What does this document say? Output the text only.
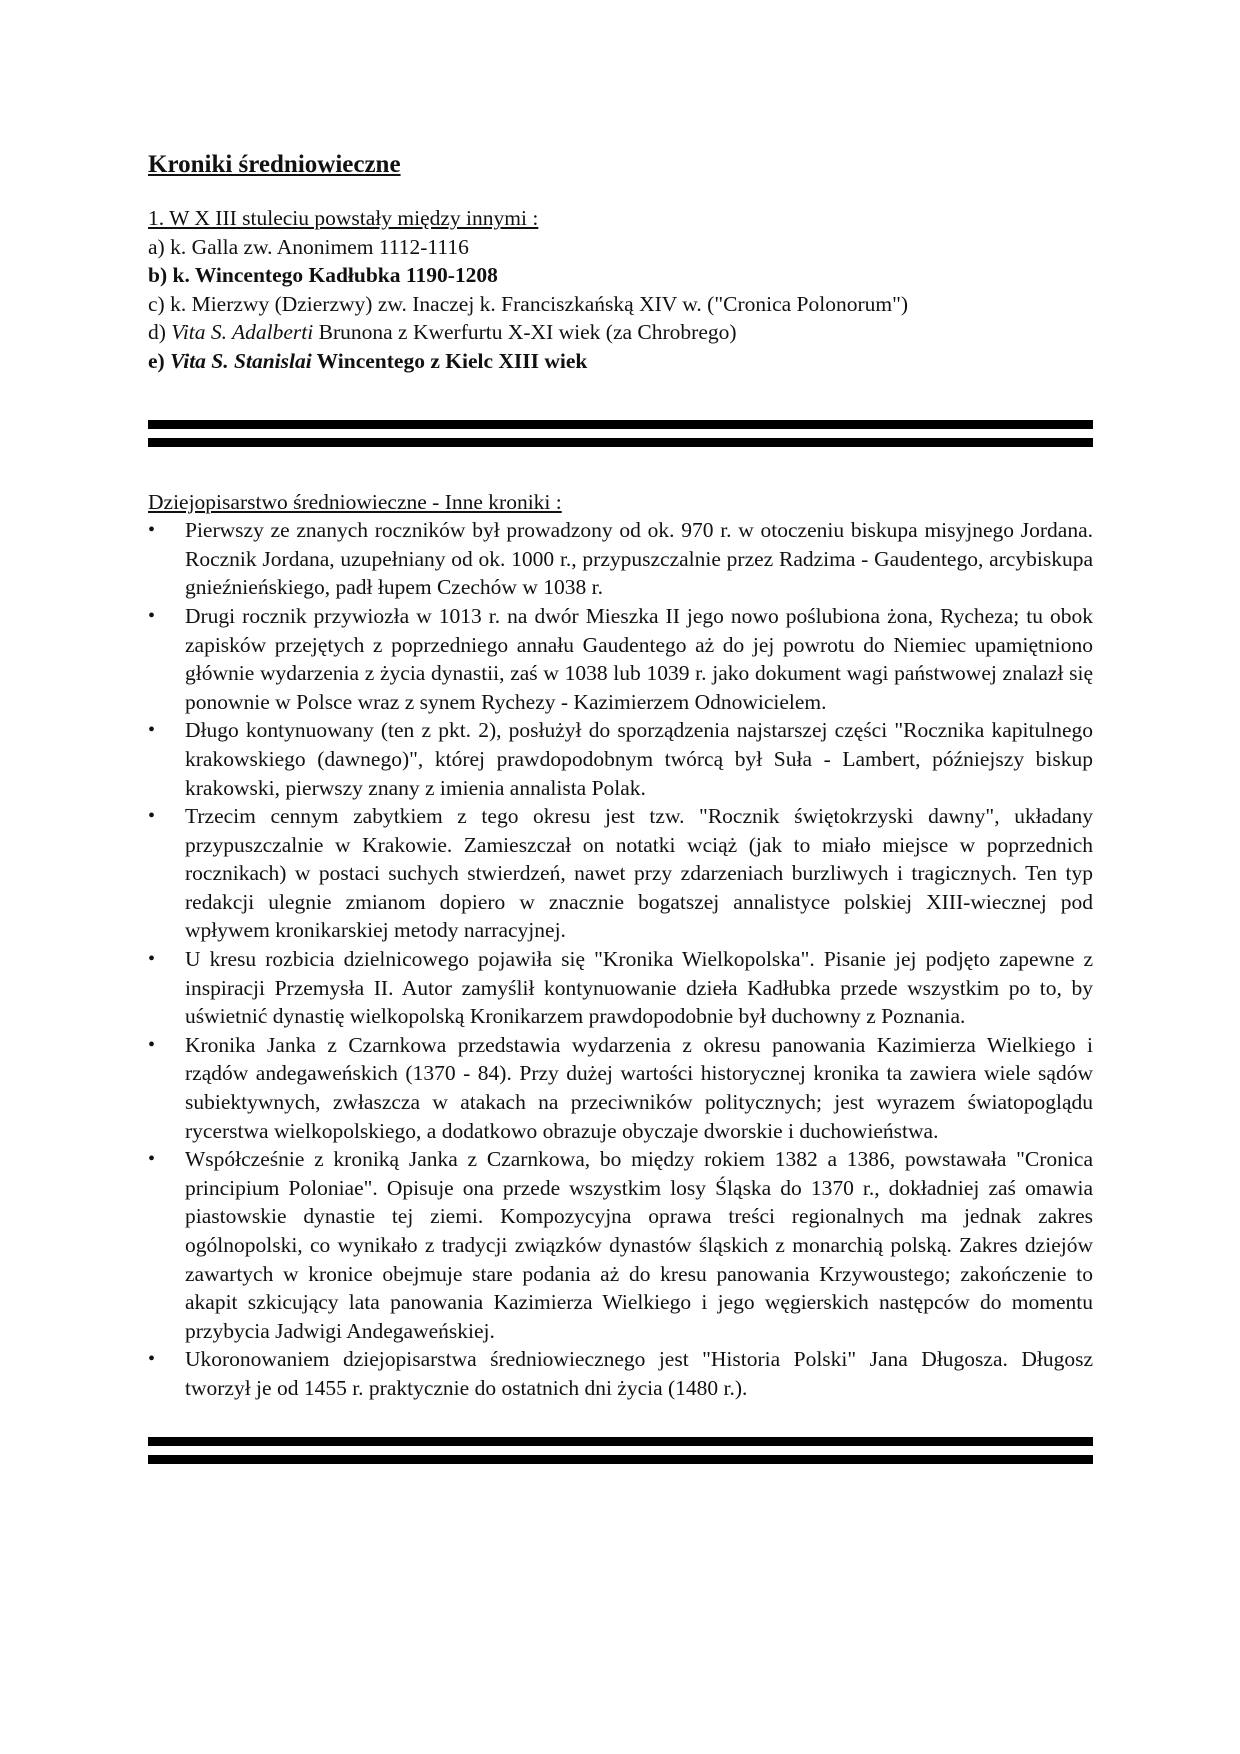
Kroniki średniowieczne
1. W X III stuleciu powstały między innymi :
a) k. Galla zw. Anonimem 1112-1116
b) k. Wincentego Kadłubka 1190-1208
c) k. Mierzwy (Dzierzwy) zw. Inaczej k. Franciszkańską XIV w. ("Cronica Polonorum")
d) Vita S. Adalberti Brunona z Kwerfurtu X-XI wiek (za Chrobrego)
e) Vita S. Stanislai Wincentego z Kielc XIII wiek
Dziejopisarstwo średniowieczne - Inne kroniki :
• Pierwszy ze znanych roczników był prowadzony od ok. 970 r. w otoczeniu biskupa misyjnego Jordana. Rocznik Jordana, uzupełniany od ok. 1000 r., przypuszczalnie przez Radzima - Gaudentego, arcybiskupa gnieźnieńskiego, padł łupem Czechów w 1038 r.
• Drugi rocznik przywiozła w 1013 r. na dwór Mieszka II jego nowo poślubiona żona, Rycheza; tu obok zapisków przejętych z poprzedniego annału Gaudentego aż do jej powrotu do Niemiec upamiętniono głównie wydarzenia z życia dynastii, zaś w 1038 lub 1039 r. jako dokument wagi państwowej znalazł się ponownie w Polsce wraz z synem Rychezy - Kazimierzem Odnowicielem.
• Długo kontynuowany (ten z pkt. 2), posłużył do sporządzenia najstarszej części "Rocznika kapitulnego krakowskiego (dawnego)", której prawdopodobnym twórcą był Suła - Lambert, późniejszy biskup krakowski, pierwszy znany z imienia annalista Polak.
• Trzecim cennym zabytkiem z tego okresu jest tzw. "Rocznik świętokrzyski dawny", układany przypuszczalnie w Krakowie. Zamieszczał on notatki wciąż (jak to miało miejsce w poprzednich rocznikach) w postaci suchych stwierdzeń, nawet przy zdarzeniach burzliwych i tragicznych. Ten typ redakcji ulegnie zmianom dopiero w znacznie bogatszej annalistyce polskiej XIII-wiecznej pod wpływem kronikarskiej metody narracyjnej.
• U kresu rozbicia dzielnicowego pojawiła się "Kronika Wielkopolska". Pisanie jej podjęto zapewne z inspiracji Przemysła II. Autor zamyślił kontynuowanie dzieła Kadłubka przede wszystkim po to, by uświetnić dynastię wielkopolską Kronikarzem prawdopodobnie był duchowny z Poznania.
• Kronika Janka z Czarnkowa przedstawia wydarzenia z okresu panowania Kazimierza Wielkiego i rządów andegaweńskich (1370 - 84). Przy dużej wartości historycznej kronika ta zawiera wiele sądów subiektywnych, zwłaszcza w atakach na przeciwników politycznych; jest wyrazem światopoglądu rycerstwa wielkopolskiego, a dodatkowo obrazuje obyczaje dworskie i duchowieństwa.
• Współcześnie z kroniką Janka z Czarnkowa, bo między rokiem 1382 a 1386, powstawała "Cronica principium Poloniae". Opisuje ona przede wszystkim losy Śląska do 1370 r., dokładniej zaś omawia piastowskie dynastie tej ziemi. Kompozycyjna oprawa treści regionalnych ma jednak zakres ogólnopolski, co wynikało z tradycji związków dynastów śląskich z monarchią polską. Zakres dziejów zawartych w kronice obejmuje stare podania aż do kresu panowania Krzywoustego; zakończenie to akapit szkicujący lata panowania Kazimierza Wielkiego i jego węgierskich następców do momentu przybycia Jadwigi Andegaweńskiej.
• Ukoronowaniem dziejopisarstwa średniowiecznego jest "Historia Polski" Jana Długosza. Długosz tworzył je od 1455 r. praktycznie do ostatnich dni życia (1480 r.).
